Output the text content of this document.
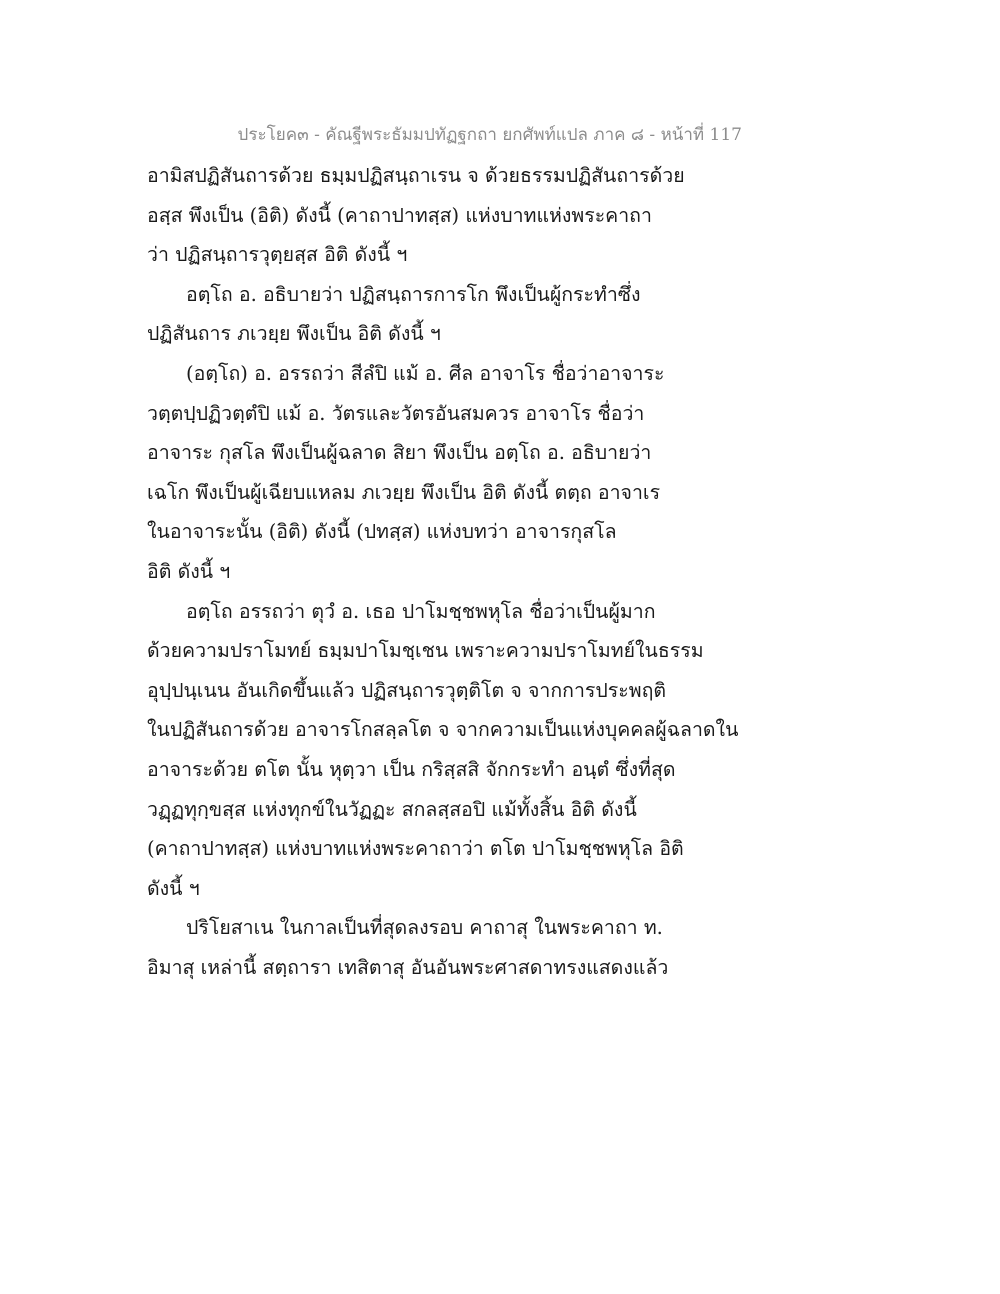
ประโยค๓ - คัณฐีพระธัมมปทัฏฐกถา ยกศัพท์แปล ภาค ๘ - หน้าที่ 117
อามิสปฏิสันถารด้วย ธมฺมปฏิสนฺถาเรน จ ด้วยธรรมปฏิสันถารด้วย
อสฺส พึงเป็น (อิติ) ดังนี้ (คาถาปาทสฺส) แห่งบาทแห่งพระคาถา
ว่า ปฏิสนฺถารวุตฺยสฺส อิติ ดังนี้ ฯ
อตฺโถ อ. อธิบายว่า ปฏิสนฺถารการโก พึงเป็นผู้กระทำซึ่ง
ปฏิสันถาร ภเวยฺย พึงเป็น อิติ ดังนี้ ฯ
(อตฺโถ) อ. อรรถว่า สีลํปิ แม้ อ. ศีล อาจาโร ชื่อว่าอาจาระ
วตฺตปฺปฏิวตฺตํปิ แม้ อ. วัตรและวัตรอันสมควร อาจาโร ชื่อว่า
อาจาระ กุสโล พึงเป็นผู้ฉลาด สิยา พึงเป็น อตฺโถ อ. อธิบายว่า
เฉโก พึงเป็นผู้เฉียบแหลม ภเวยฺย พึงเป็น อิติ ดังนี้ ตตฺถ อาจาเร
ในอาจาระนั้น (อิติ) ดังนี้ (ปทสฺส) แห่งบทว่า อาจารกุสโล
อิติ ดังนี้ ฯ
อตฺโถ อรรถว่า ตุวํ อ. เธอ ปาโมชฺชพหุโล ชื่อว่าเป็นผู้มาก
ด้วยความปราโมทย์ ธมฺมปาโมชฺเชน เพราะความปราโมทย์ในธรรม
อุปฺปนฺเนน อันเกิดขึ้นแล้ว ปฏิสนฺถารวุตฺติโต จ จากการประพฤติ
ในปฏิสันถารด้วย อาจารโกสลฺลโต จ จากความเป็นแห่งบุคคลผู้ฉลาดใน
อาจาระด้วย ตโต นั้น หุตฺวา เป็น กริสฺสสิ จักกระทำ อนฺตํ ซึ่งที่สุด
วฏฺฏทุกฺขสฺส แห่งทุกข์ในวัฏฏะ สกลสฺสอปิ แม้ทั้งสิ้น อิติ ดังนี้
(คาถาปาทสฺส) แห่งบาทแห่งพระคาถาว่า ตโต ปาโมชฺชพหุโล อิติ
ดังนี้ ฯ
ปริโยสาเน ในกาลเป็นที่สุดลงรอบ คาถาสุ ในพระคาถา ท.
อิมาสุ เหล่านี้ สตฺถารา เทสิตาสุ อันอันพระศาสดาทรงแสดงแล้ว
